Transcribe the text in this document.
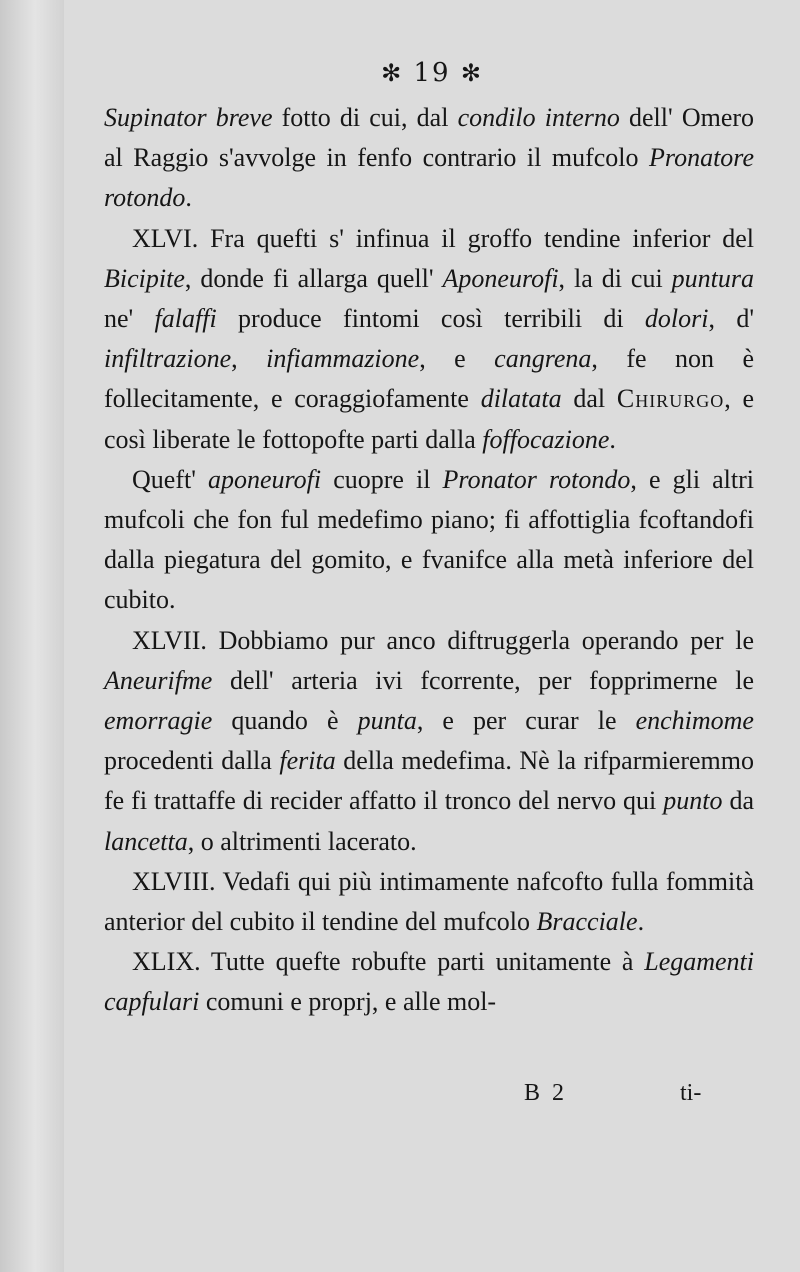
✻ 19 ✻

Supinator breve fotto di cui, dal condilo interno dell' Omero al Raggio s'avvolge in fenfo contrario il mufcolo Pronatore rotondo.

XLVI. Fra quefti s' infinua il groffo tendine inferior del Bicipite, donde fi allarga quell' Aponeurofi, la di cui puntura ne' falaffi produce fintomi così terribili di dolori, d' infiltrazione, infiammazione, e cangrena, fe non è follecitamente, e coraggiofamente dilatata dal Chirurgo, e così liberate le fottopofte parti dalla foffocazione.

Queft' aponeurofi cuopre il Pronator rotondo, e gli altri mufcoli che fon ful medefimo piano; fi affottiglia fcoftandofi dalla piegatura del gomito, e fvanifce alla metà inferiore del cubito.

XLVII. Dobbiamo pur anco diftruggerla operando per le Aneurifme dell' arteria ivi fcorrente, per fopprimerne le emorragie quando è punta, e per curar le enchimome procedenti dalla ferita della medefima. Nè la rifparmieremmo fe fi trattaffe di recider affatto il tronco del nervo qui punto da lancetta, o altrimenti lacerato.

XLVIII. Vedafi qui più intimamente nafcofto fulla fommità anterior del cubito il tendine del mufcolo Bracciale.

XLIX. Tutte quefte robufte parti unitamente à Legamenti capfulari comuni e proprj, e alle mol-

B 2	ti-
